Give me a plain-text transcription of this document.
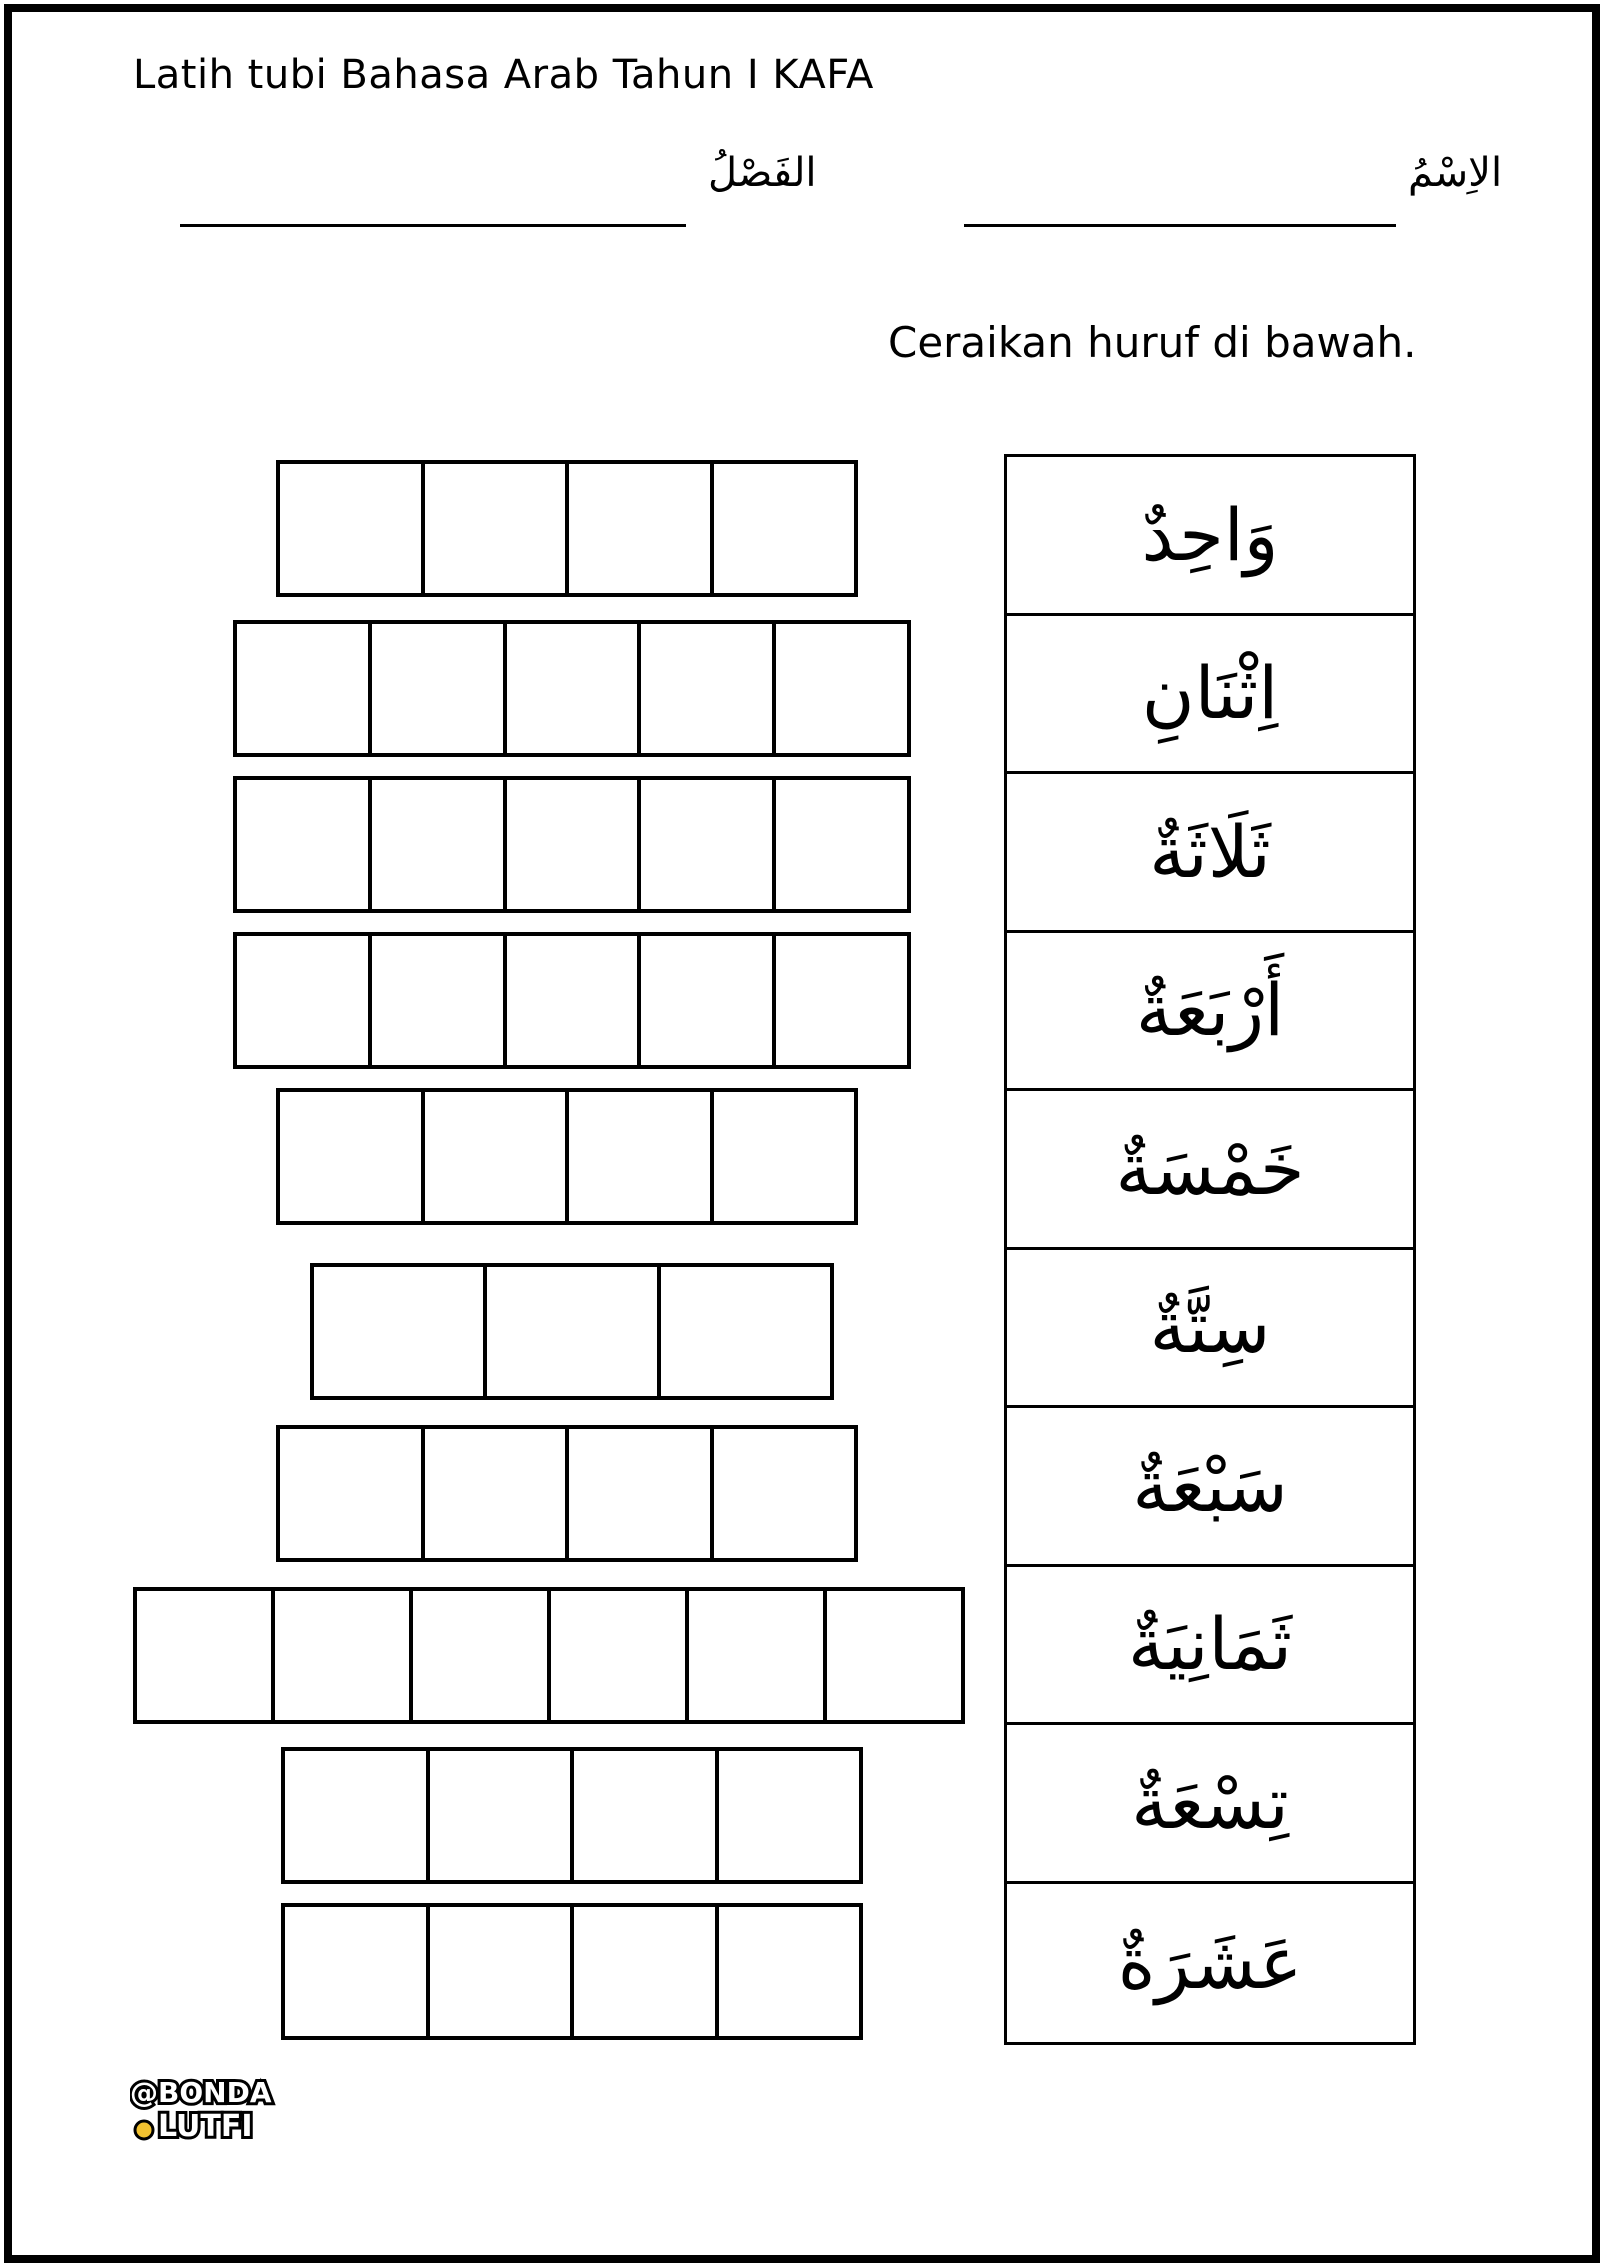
Latih tubi Bahasa Arab Tahun I KAFA
الفَصْلُ	الاِسْمُ
Ceraikan huruf di bawah.
وَاحِدٌ
اِثْنَانِ
ثَلَاثَةٌ
أَرْبَعَةٌ
خَمْسَةٌ
سِتَّةٌ
سَبْعَةٌ
ثَمَانِيَةٌ
تِسْعَةٌ
عَشَرَةٌ
@BONDA
LUTFI
